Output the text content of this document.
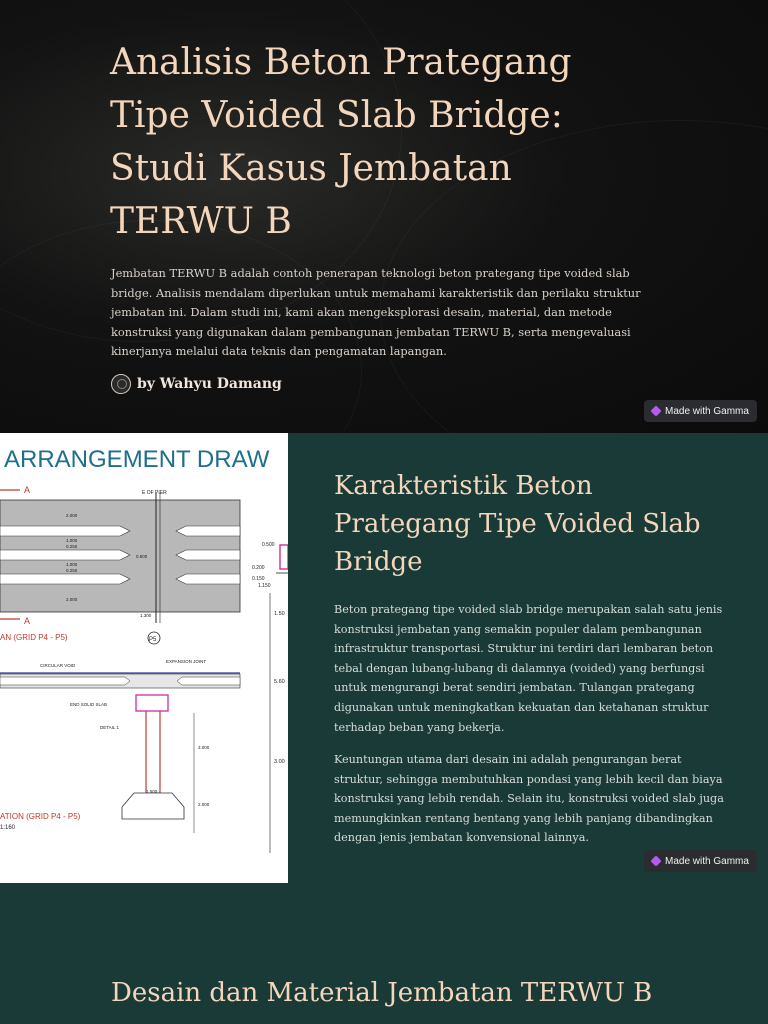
Analisis Beton Prategang Tipe Voided Slab Bridge: Studi Kasus Jembatan TERWU B

Jembatan TERWU B adalah contoh penerapan teknologi beton prategang tipe voided slab bridge. Analisis mendalam diperlukan untuk memahami karakteristik dan perilaku struktur jembatan ini. Dalam studi ini, kami akan mengeksplorasi desain, material, dan metode konstruksi yang digunakan dalam pembangunan jembatan TERWU B, serta mengevaluasi kinerjanya melalui data teknis dan pengamatan lapangan.

by Wahyu Damang
Made with Gamma
ARRANGEMENT DRAW
A
A
E OF PIER
2.000
1.000
0.250
1.000
0.250
2.000
0.500
1.300
0.500
0.200
0.150
1.150
1.50
5.60
3.00
P5
AN (GRID P4 - P5)
CIRCULAR VOID
EXPANSION JOINT
END SOLID SLAB
DETAIL 1
3.000
2.000
1.500
ATION (GRID P4 - P5)
1:160
Karakteristik Beton Prategang Tipe Voided Slab Bridge

Beton prategang tipe voided slab bridge merupakan salah satu jenis konstruksi jembatan yang semakin populer dalam pembangunan infrastruktur transportasi. Struktur ini terdiri dari lembaran beton tebal dengan lubang-lubang di dalamnya (voided) yang berfungsi untuk mengurangi berat sendiri jembatan. Tulangan prategang digunakan untuk meningkatkan kekuatan dan ketahanan struktur terhadap beban yang bekerja.

Keuntungan utama dari desain ini adalah pengurangan berat struktur, sehingga membutuhkan pondasi yang lebih kecil dan biaya konstruksi yang lebih rendah. Selain itu, konstruksi voided slab juga memungkinkan rentang bentang yang lebih panjang dibandingkan dengan jenis jembatan konvensional lainnya.

Made with Gamma
Desain dan Material Jembatan TERWU B
